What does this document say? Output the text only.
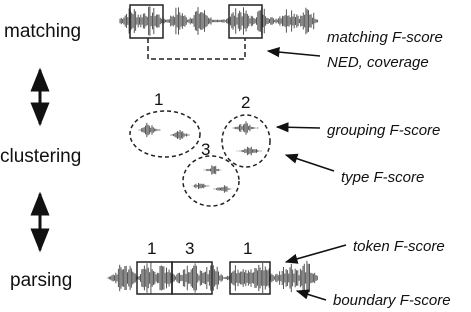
matching
clustering
parsing
matching F-score
NED, coverage
1	2
3
grouping F-score
type F-score
1 3	1	token F-score
boundary F-score
